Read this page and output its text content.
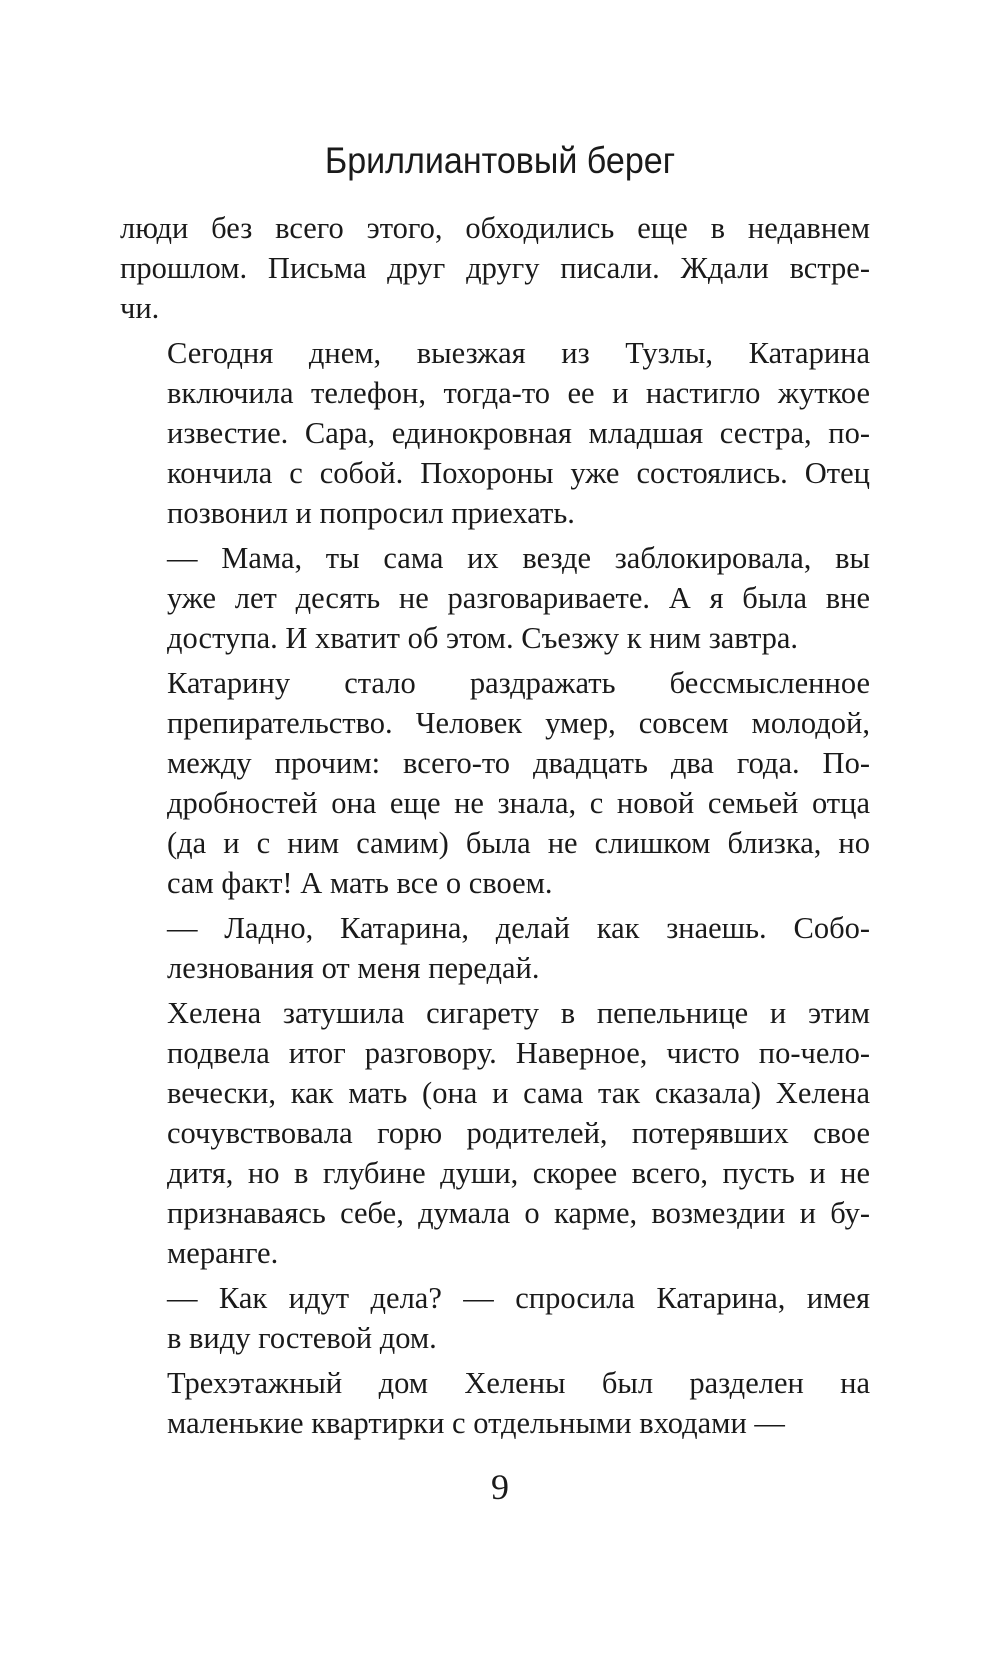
Бриллиантовый берег
люди без всего этого, обходились еще в недавнем
прошлом. Письма друг другу писали. Ждали встре-
чи.
Сегодня днем, выезжая из Тузлы, Катарина
включила телефон, тогда-то ее и настигло жуткое
известие. Сара, единокровная младшая сестра, по-
кончила с собой. Похороны уже состоялись. Отец
позвонил и попросил приехать.
— Мама, ты сама их везде заблокировала, вы
уже лет десять не разговариваете. А я была вне
доступа. И хватит об этом. Съезжу к ним завтра.
Катарину стало раздражать бессмысленное
препирательство. Человек умер, совсем молодой,
между прочим: всего-то двадцать два года. По-
дробностей она еще не знала, с новой семьей отца
(да и с ним самим) была не слишком близка, но
сам факт! А мать все о своем.
— Ладно, Катарина, делай как знаешь. Собо-
лезнования от меня передай.
Хелена затушила сигарету в пепельнице и этим
подвела итог разговору. Наверное, чисто по-чело-
вечески, как мать (она и сама так сказала) Хелена
сочувствовала горю родителей, потерявших свое
дитя, но в глубине души, скорее всего, пусть и не
признаваясь себе, думала о карме, возмездии и бу-
меранге.
— Как идут дела? — спросила Катарина, имея
в виду гостевой дом.
Трехэтажный дом Хелены был разделен на
маленькие квартирки с отдельными входами —
9
